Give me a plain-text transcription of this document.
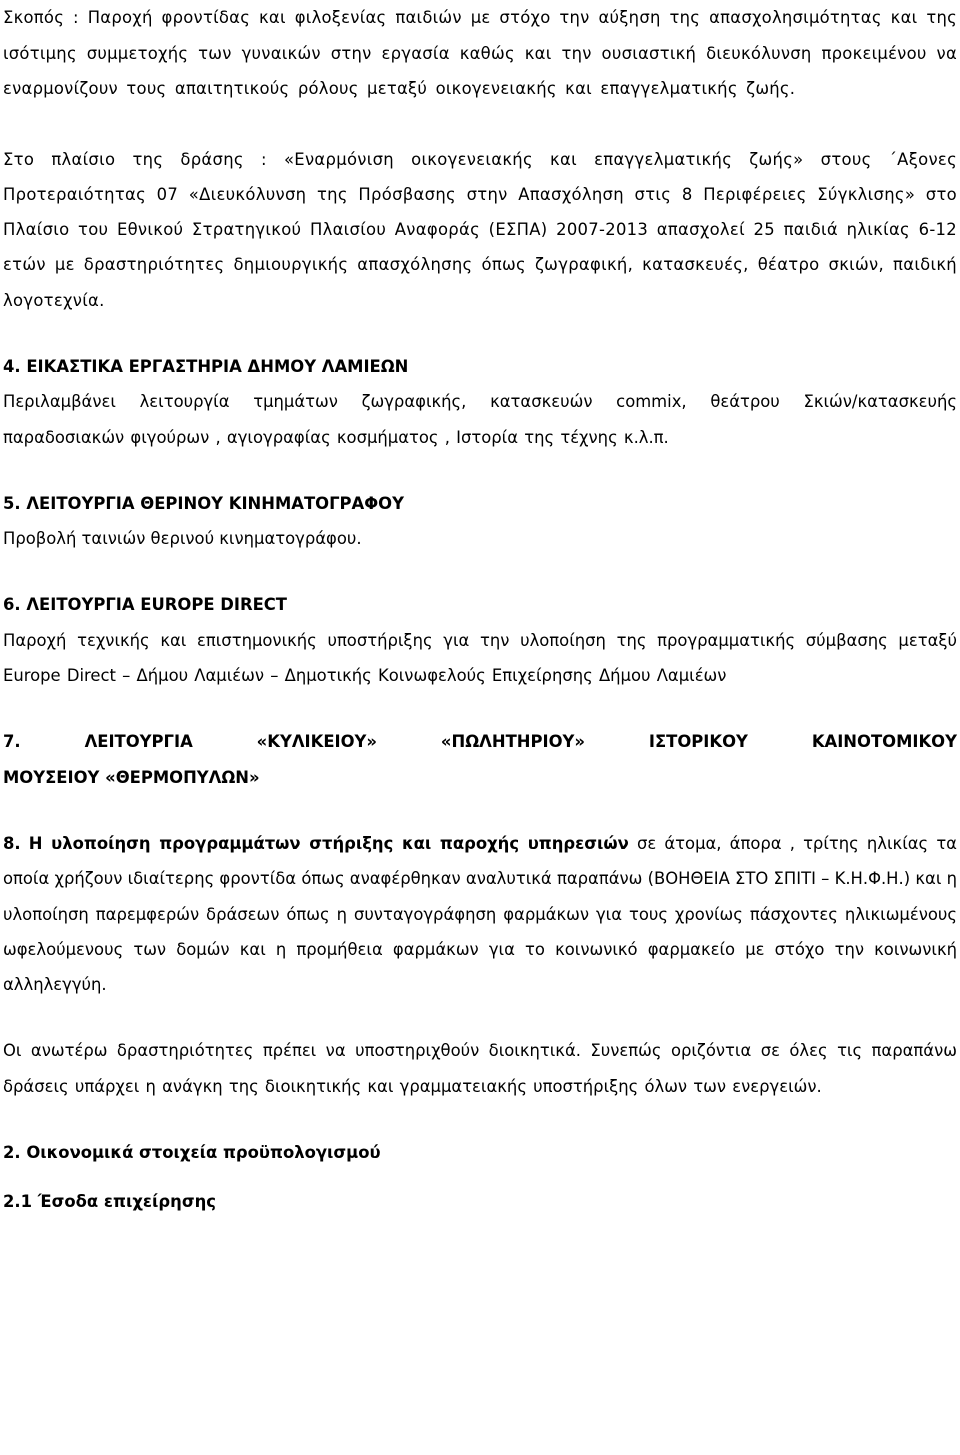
Σκοπός : Παροχή φροντίδας και φιλοξενίας παιδιών με στόχο την αύξηση της απασχολησιμότητας και της ισότιμης συμμετοχής των γυναικών στην εργασία καθώς και την ουσιαστική διευκόλυνση προκειμένου να εναρμονίζουν τους απαιτητικούς ρόλους μεταξύ οικογενειακής και επαγγελματικής ζωής.

Στο πλαίσιο της δράσης : «Εναρμόνιση οικογενειακής και επαγγελματικής ζωής» στους ΄Αξονες Προτεραιότητας 07 «Διευκόλυνση της Πρόσβασης στην Απασχόληση στις 8 Περιφέρειες Σύγκλισης» στο Πλαίσιο του Εθνικού Στρατηγικού Πλαισίου Αναφοράς (ΕΣΠΑ) 2007-2013 απασχολεί 25 παιδιά ηλικίας 6-12 ετών με δραστηριότητες δημιουργικής απασχόλησης όπως ζωγραφική, κατασκευές, θέατρο σκιών, παιδική λογοτεχνία.

4. ΕΙΚΑΣΤΙΚΑ ΕΡΓΑΣΤΗΡΙΑ ΔΗΜΟΥ ΛΑΜΙΕΩΝ

Περιλαμβάνει λειτουργία τμημάτων ζωγραφικής, κατασκευών commix, θεάτρου Σκιών/κατασκευής παραδοσιακών φιγούρων , αγιογραφίας κοσμήματος , Ιστορία της τέχνης κ.λ.π.

5. ΛΕΙΤΟΥΡΓΙΑ ΘΕΡΙΝΟΥ ΚΙΝΗΜΑΤΟΓΡΑΦΟΥ

Προβολή ταινιών θερινού κινηματογράφου.

6. ΛΕΙΤΟΥΡΓΙΑ EUROPE DIRECT

Παροχή τεχνικής και επιστημονικής υποστήριξης για την υλοποίηση της προγραμματικής σύμβασης μεταξύ Europe Direct – Δήμου Λαμιέων – Δημοτικής Κοινωφελούς Επιχείρησης Δήμου Λαμιέων

7.	ΛΕΙΤΟΥΡΓΙΑ «ΚΥΛΙΚΕΙΟΥ» «ΠΩΛΗΤΗΡΙΟΥ» ΙΣΤΟΡΙΚΟΥ ΚΑΙΝΟΤΟΜΙΚΟΥ

ΜΟΥΣΕΙΟΥ «ΘΕΡΜΟΠΥΛΩΝ»

8. Η υλοποίηση προγραμμάτων στήριξης και παροχής υπηρεσιών σε άτομα, άπορα , τρίτης ηλικίας τα οποία χρήζουν ιδιαίτερης φροντίδα όπως αναφέρθηκαν αναλυτικά παραπάνω (ΒΟΗΘΕΙΑ ΣΤΟ ΣΠΙΤΙ – Κ.Η.Φ.Η.) και η υλοποίηση παρεμφερών δράσεων όπως η συνταγογράφηση φαρμάκων για τους χρονίως πάσχοντες ηλικιωμένους ωφελούμενους των δομών και η προμήθεια φαρμάκων για το κοινωνικό φαρμακείο με στόχο την κοινωνική αλληλεγγύη.

Οι ανωτέρω δραστηριότητες πρέπει να υποστηριχθούν διοικητικά. Συνεπώς οριζόντια σε όλες τις παραπάνω δράσεις υπάρχει η ανάγκη της διοικητικής και γραμματειακής υποστήριξης όλων των ενεργειών.

2. Οικονομικά στοιχεία προϋπολογισμού

2.1 Έσοδα επιχείρησης
